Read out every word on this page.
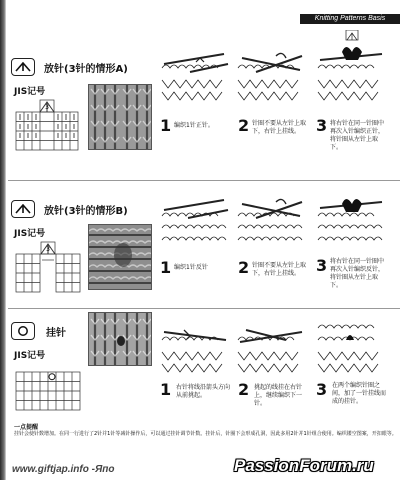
Knitting Patterns Basis
放针(3针的情形A)
JIS记号
3
1 编织1针正针。	2 针圈不要从左针上取下，右针上挂线。 3 将右针在同一针圈中再次入针编织正针，将针圈从左针上取下。
放针(3针的情形B)
JIS记号
3
1 编织1针反针	2 针圈不要从左针上取下，右针上挂线。 3 将右针在同一针圈中再次入针编织反针，将针圈从左针上取下。
挂针
JIS记号
1 右针将线沿箭头方向从前挑起。	2 挑起的线挂在右针上，继续编织下一针。
3 在两个编织针圈之间，加了一针挂线而成的挂针。
一点提醒
挂针会使针数增加。在同一行进行了2针并1针等减针操作后，可以通过挂针调节针数。挂针后，针圈下会形成孔洞，因此多用2针并1针组合使用。编织镂空图案，开扣眼等。
www.giftjap.info -Япо	PassionForum.ru
